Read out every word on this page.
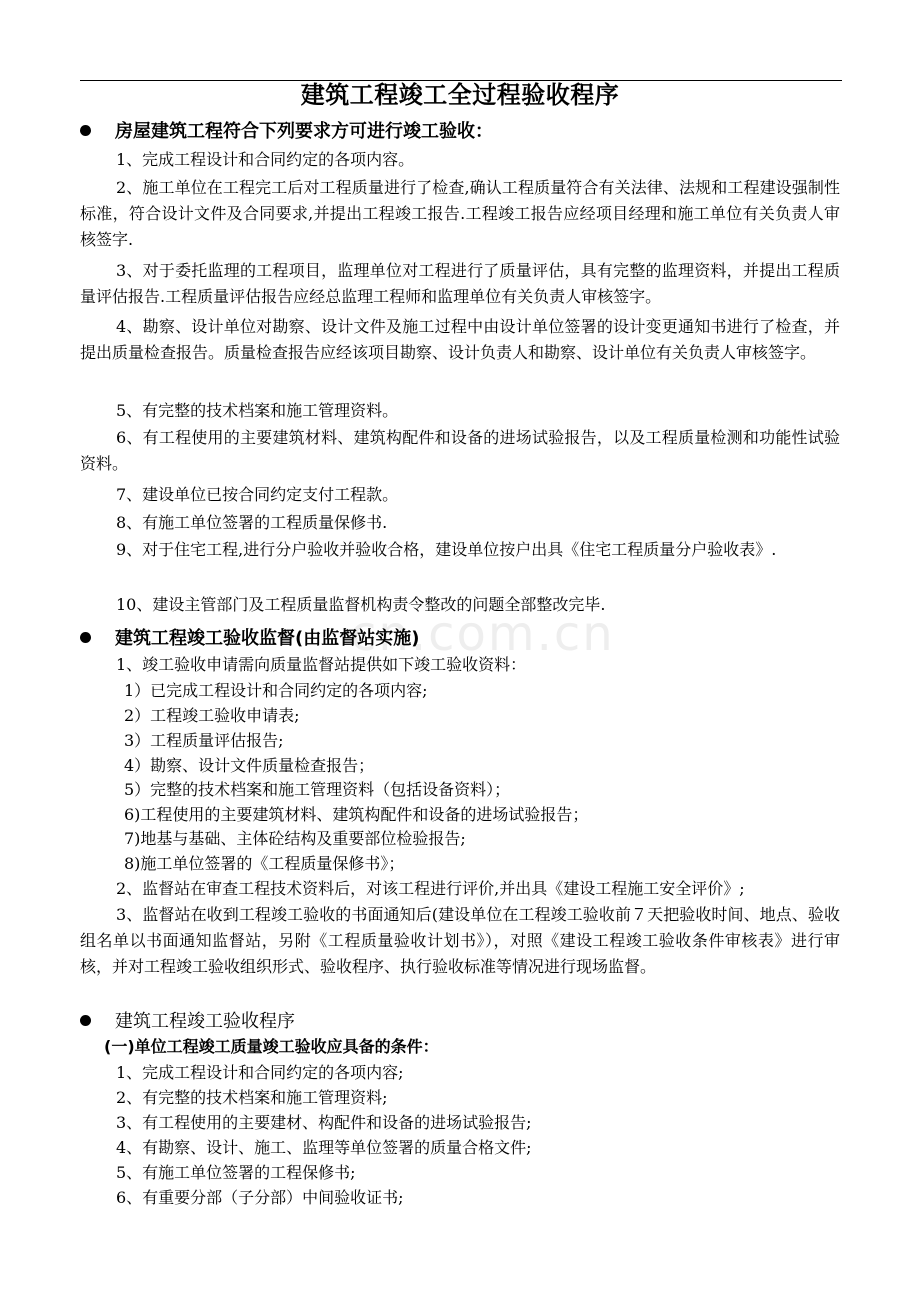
建筑工程竣工全过程验收程序
cn.com.cn
房屋建筑工程符合下列要求方可进行竣工验收：
1、完成工程设计和合同约定的各项内容。
2、施工单位在工程完工后对工程质量进行了检查,确认工程质量符合有关法律、法规和工程建设强制性标准，符合设计文件及合同要求,并提出工程竣工报告.工程竣工报告应经项目经理和施工单位有关负责人审核签字.
3、对于委托监理的工程项目，监理单位对工程进行了质量评估，具有完整的监理资料，并提出工程质量评估报告.工程质量评估报告应经总监理工程师和监理单位有关负责人审核签字。
4、勘察、设计单位对勘察、设计文件及施工过程中由设计单位签署的设计变更通知书进行了检查，并提出质量检查报告。质量检查报告应经该项目勘察、设计负责人和勘察、设计单位有关负责人审核签字。
5、有完整的技术档案和施工管理资料。
6、有工程使用的主要建筑材料、建筑构配件和设备的进场试验报告，以及工程质量检测和功能性试验资料。
7、建设单位已按合同约定支付工程款。
8、有施工单位签署的工程质量保修书.
9、对于住宅工程,进行分户验收并验收合格，建设单位按户出具《住宅工程质量分户验收表》.
10、建设主管部门及工程质量监督机构责令整改的问题全部整改完毕.
建筑工程竣工验收监督(由监督站实施)
1、竣工验收申请需向质量监督站提供如下竣工验收资料：
1）已完成工程设计和合同约定的各项内容;
2）工程竣工验收申请表;
3）工程质量评估报告;
4）勘察、设计文件质量检查报告；
5）完整的技术档案和施工管理资料（包括设备资料）；
6)工程使用的主要建筑材料、建筑构配件和设备的进场试验报告；
7)地基与基础、主体砼结构及重要部位检验报告;
8)施工单位签署的《工程质量保修书》；
2、监督站在审查工程技术资料后，对该工程进行评价,并出具《建设工程施工安全评价》;
3、监督站在收到工程竣工验收的书面通知后(建设单位在工程竣工验收前７天把验收时间、地点、验收组名单以书面通知监督站，另附《工程质量验收计划书》），对照《建设工程竣工验收条件审核表》进行审核，并对工程竣工验收组织形式、验收程序、执行验收标准等情况进行现场监督。
建筑工程竣工验收程序
(一)单位工程竣工质量竣工验收应具备的条件：
1、完成工程设计和合同约定的各项内容;
2、有完整的技术档案和施工管理资料;
3、有工程使用的主要建材、构配件和设备的进场试验报告;
4、有勘察、设计、施工、监理等单位签署的质量合格文件;
5、有施工单位签署的工程保修书;
6、有重要分部（子分部）中间验收证书;
